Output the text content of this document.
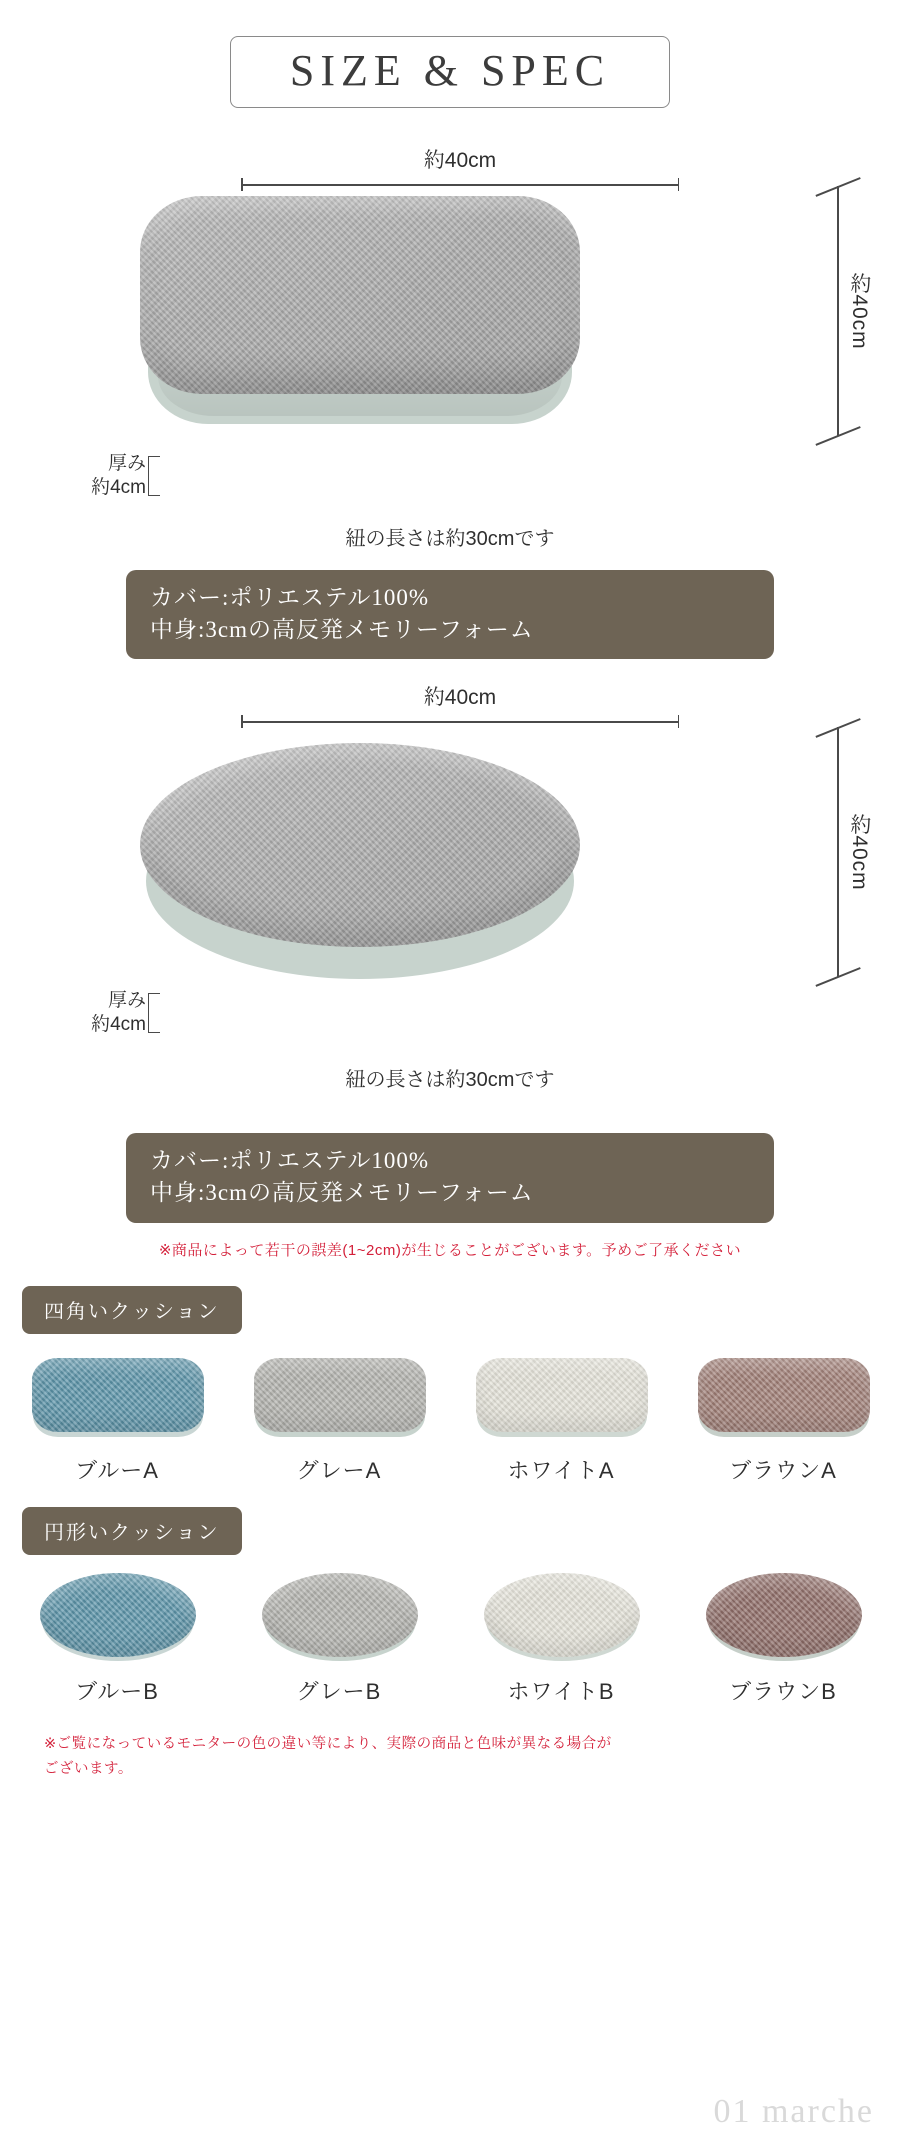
SIZE & SPEC
約40cm
約40cm
厚み
約4cm
紐の長さは約30cmです
カバー:ポリエステル100%
中身:3cmの高反発メモリーフォーム
約40cm
約40cm
厚み
約4cm
紐の長さは約30cmです
カバー:ポリエステル100%
中身:3cmの高反発メモリーフォーム
※商品によって若干の誤差(1~2cm)が生じることがございます。予めご了承ください
四角いクッション
ブルーA	グレーA	ホワイトA	ブラウンA
円形いクッション
ブルーB	グレーB	ホワイトB	ブラウンB
※ご覧になっているモニターの色の違い等により、実際の商品と色味が異なる場合が
ございます。
01 marche
